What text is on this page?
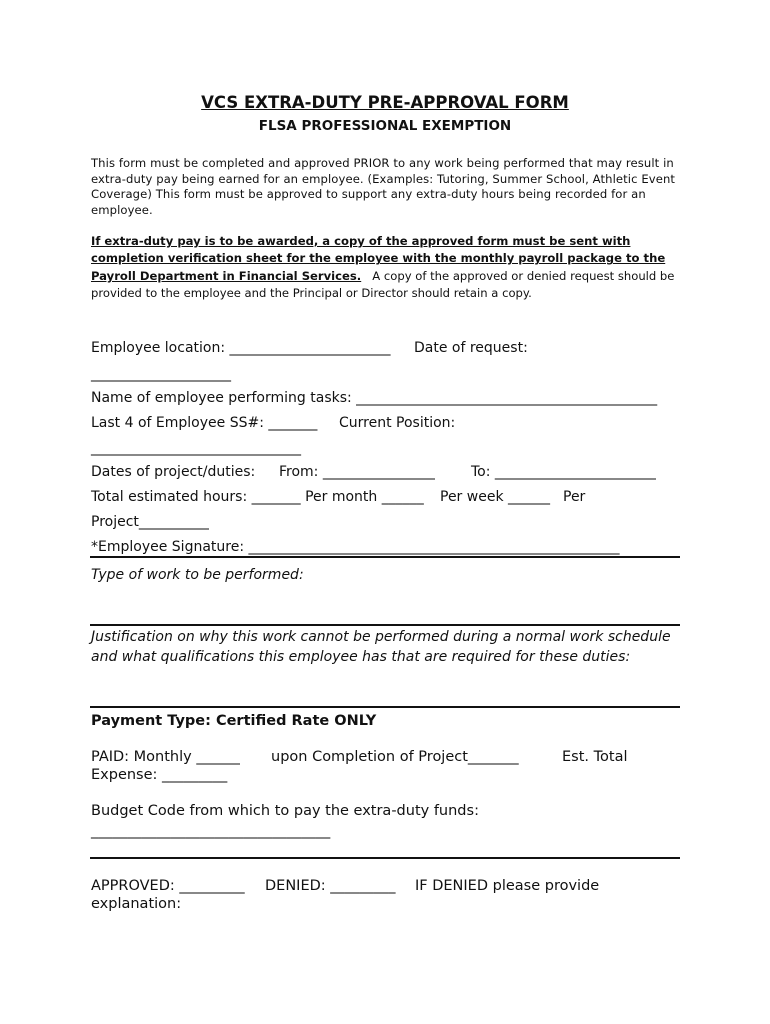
VCS EXTRA-DUTY PRE-APPROVAL FORM
FLSA PROFESSIONAL EXEMPTION
This form must be completed and approved PRIOR to any work being performed that may result in extra-duty pay being earned for an employee. (Examples: Tutoring, Summer School, Athletic Event Coverage) This form must be approved to support any extra-duty hours being recorded for an employee.
If extra-duty pay is to be awarded, a copy of the approved form must be sent with completion verification sheet for the employee with the monthly payroll package to the Payroll Department in Financial Services. A copy of the approved or denied request should be provided to the employee and the Principal or Director should retain a copy.
Employee location: _______________________ Date of request:
____________________
Name of employee performing tasks: ___________________________________________
Last 4 of Employee SS#: _______ Current Position:
______________________________
Dates of project/duties: From: ________________	To: _______________________
Total estimated hours: _______ Per month ______ Per week ______ Per
Project__________
*Employee Signature: _____________________________________________________
Type of work to be performed:
Justification on why this work cannot be performed during a normal work schedule
and what qualifications this employee has that are required for these duties:
Payment Type: Certified Rate ONLY
PAID: Monthly ______ upon Completion of Project_______	Est. Total
Expense: _________
Budget Code from which to pay the extra-duty funds:
_________________________________
APPROVED: _________ DENIED: _________ IF DENIED please provide
explanation:
